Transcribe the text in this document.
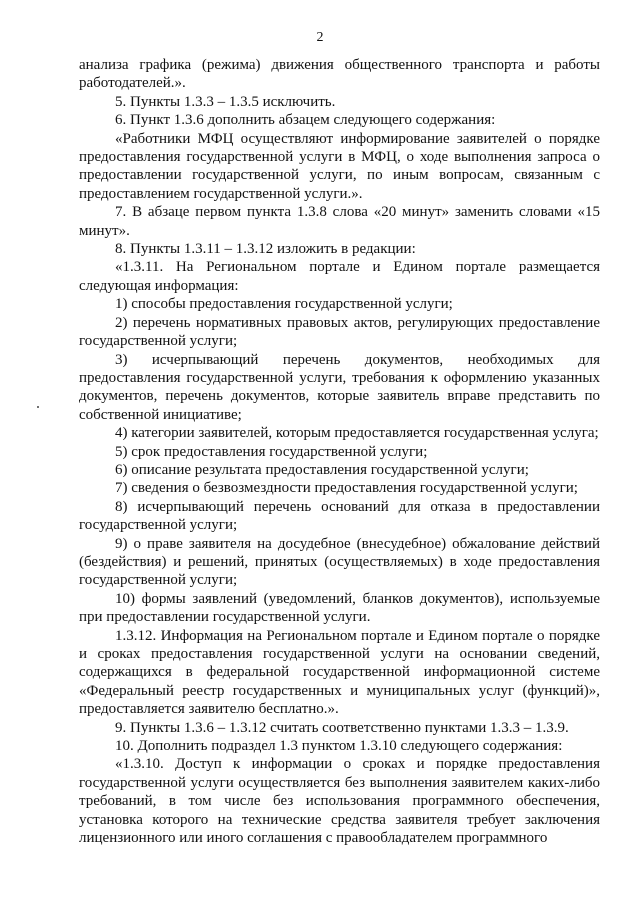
2

анализа графика (режима) движения общественного транспорта и работы работодателей.».

5. Пункты 1.3.3 – 1.3.5 исключить.

6. Пункт 1.3.6 дополнить абзацем следующего содержания:

«Работники МФЦ осуществляют информирование заявителей о порядке предоставления государственной услуги в МФЦ, о ходе выполнения запроса о предоставлении государственной услуги, по иным вопросам, связанным с предоставлением государственной услуги.».

7. В абзаце первом пункта 1.3.8 слова «20 минут» заменить словами «15 минут».

8. Пункты 1.3.11 – 1.3.12 изложить в редакции:

«1.3.11. На Региональном портале и Едином портале размещается следующая информация:

1) способы предоставления государственной услуги;

2) перечень нормативных правовых актов, регулирующих предоставление государственной услуги;

3) исчерпывающий перечень документов, необходимых для предоставления государственной услуги, требования к оформлению указанных документов, перечень документов, которые заявитель вправе представить по собственной инициативе;

4) категории заявителей, которым предоставляется государственная услуга;

5) срок предоставления государственной услуги;

6) описание результата предоставления государственной услуги;

7) сведения о безвозмездности предоставления государственной услуги;

8) исчерпывающий перечень оснований для отказа в предоставлении государственной услуги;

9) о праве заявителя на досудебное (внесудебное) обжалование действий (бездействия) и решений, принятых (осуществляемых) в ходе предоставления государственной услуги;

10) формы заявлений (уведомлений, бланков документов), используемые при предоставлении государственной услуги.

1.3.12. Информация на Региональном портале и Едином портале о порядке и сроках предоставления государственной услуги на основании сведений, содержащихся в федеральной государственной информационной системе «Федеральный реестр государственных и муниципальных услуг (функций)», предоставляется заявителю бесплатно.».

9. Пункты 1.3.6 – 1.3.12 считать соответственно пунктами 1.3.3 – 1.3.9.

10. Дополнить подраздел 1.3 пунктом 1.3.10 следующего содержания:

«1.3.10. Доступ к информации о сроках и порядке предоставления государственной услуги осуществляется без выполнения заявителем каких-либо требований, в том числе без использования программного обеспечения, установка которого на технические средства заявителя требует заключения лицензионного или иного соглашения с правообладателем программного
